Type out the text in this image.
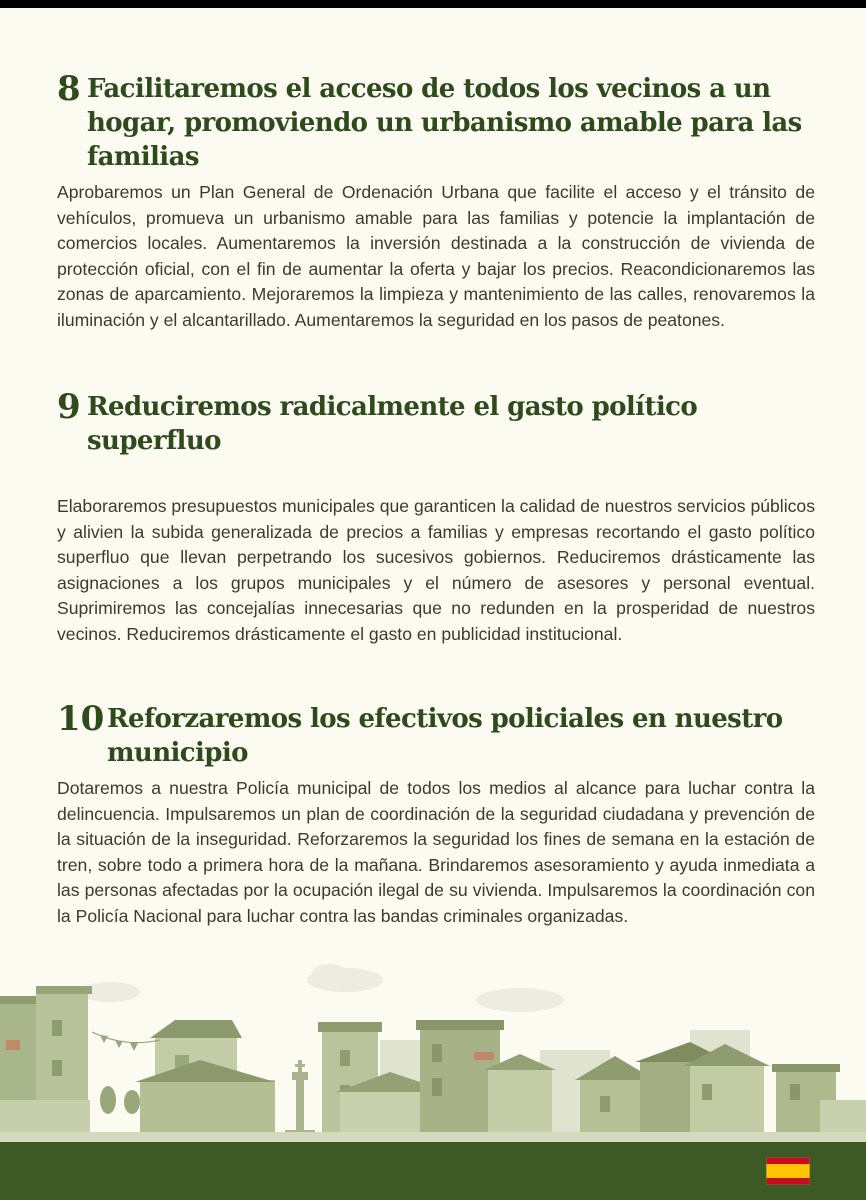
8 Facilitaremos el acceso de todos los vecinos a un hogar, promoviendo un urbanismo amable para las familias

Aprobaremos un Plan General de Ordenación Urbana que facilite el acceso y el tránsito de vehículos, promueva un urbanismo amable para las familias y potencie la implantación de comercios locales. Aumentaremos la inversión destinada a la construcción de vivienda de protección oficial, con el fin de aumentar la oferta y bajar los precios. Reacondicionaremos las zonas de aparcamiento. Mejoraremos la limpieza y mantenimiento de las calles, renovaremos la iluminación y el alcantarillado. Aumentaremos la seguridad en los pasos de peatones.

9 Reduciremos radicalmente el gasto político superfluo

Elaboraremos presupuestos municipales que garanticen la calidad de nuestros servicios públicos y alivien la subida generalizada de precios a familias y empresas recortando el gasto político superfluo que llevan perpetrando los sucesivos gobiernos. Reduciremos drásticamente las asignaciones a los grupos municipales y el número de asesores y personal eventual. Suprimiremos las concejalías innecesarias que no redunden en la prosperidad de nuestros vecinos. Reduciremos drásticamente el gasto en publicidad institucional.

10 Reforzaremos los efectivos policiales en nuestro municipio

Dotaremos a nuestra Policía municipal de todos los medios al alcance para luchar contra la delincuencia. Impulsaremos un plan de coordinación de la seguridad ciudadana y prevención de la situación de la inseguridad. Reforzaremos la seguridad los fines de semana en la estación de tren, sobre todo a primera hora de la mañana. Brindaremos asesoramiento y ayuda inmediata a las personas afectadas por la ocupación ilegal de su vivienda. Impulsaremos la coordinación con la Policía Nacional para luchar contra las bandas criminales organizadas.

Este 28 de mayo, vota VOX
